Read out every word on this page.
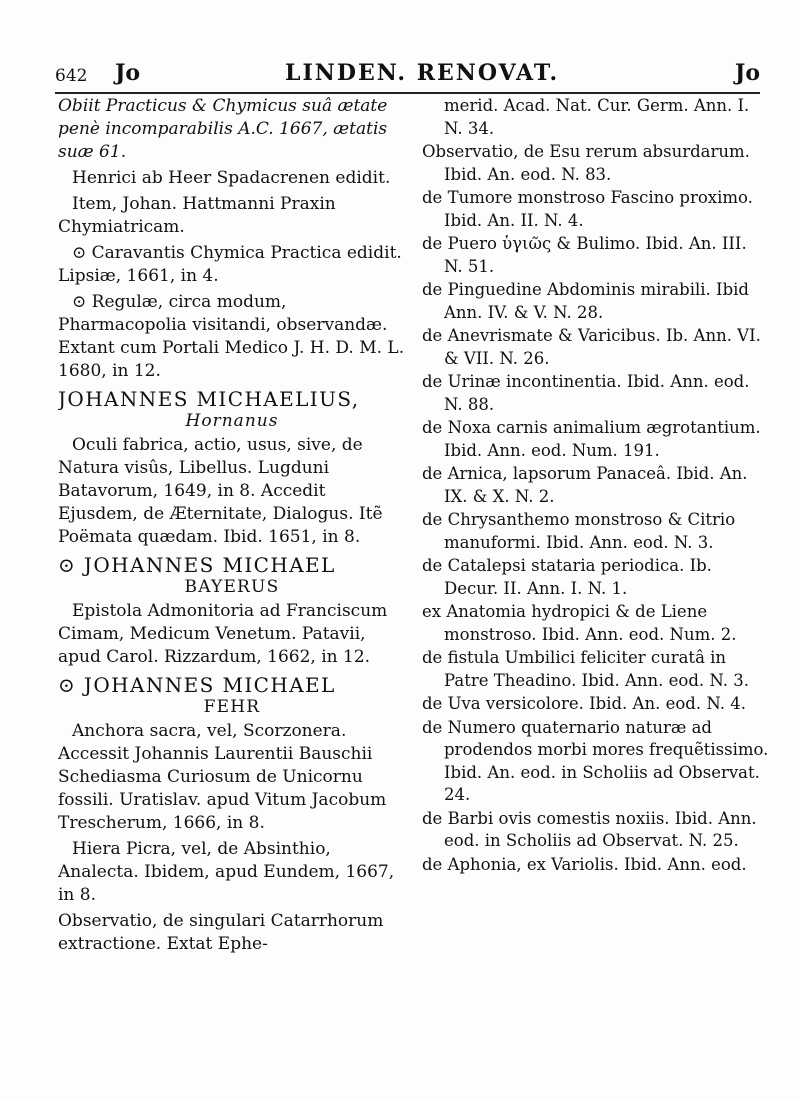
642 Jo	LINDEN. RENOVAT.	Jo
Obiit Practicus & Chymicus suâ ætate penè incomparabilis A.C. 1667, ætatis suæ 61.
Henrici ab Heer Spadacrenen edidit.
Item, Johan. Hattmanni Praxin Chymiatricam.
⊙ Caravantis Chymica Practica edidit. Lipsiæ, 1661, in 4.
⊙ Regulæ, circa modum, Pharmacopolia visitandi, observandæ. Extant cum Portali Medico J. H. D. M. L. 1680, in 12.
JOHANNES MICHAELIUS,
Hornanus
Oculi fabrica, actio, usus, sive, de Natura visûs, Libellus. Lugduni Batavorum, 1649, in 8. Accedit Ejusdem, de Æternitate, Dialogus. Itẽ Poëmata quædam. Ibid. 1651, in 8.
⊙ JOHANNES MICHAEL
BAYERUS
Epistola Admonitoria ad Franciscum Cimam, Medicum Venetum. Patavii, apud Carol. Rizzardum, 1662, in 12.
⊙ JOHANNES MICHAEL
FEHR
Anchora sacra, vel, Scorzonera. Accessit Johannis Laurentii Bauschii Schediasma Curiosum de Unicornu fossili. Uratislav. apud Vitum Jacobum Trescherum, 1666, in 8.
Hiera Picra, vel, de Absinthio, Analecta. Ibidem, apud Eundem, 1667, in 8.
Observatio, de singulari Catarrhorum extractione. Extat Ephe-
merid. Acad. Nat. Cur. Germ. Ann. I. N. 34.
Observatio, de Esu rerum absurdarum. Ibid. An. eod. N. 83.
de Tumore monstroso Fascino proximo. Ibid. An. II. N. 4.
de Puero ὑγιῶς & Bulimo. Ibid. An. III. N. 51.
de Pinguedine Abdominis mirabili. Ibid Ann. IV. & V. N. 28.
de Anevrismate & Varicibus. Ib. Ann. VI. & VII. N. 26.
de Urinæ incontinentia. Ibid. Ann. eod. N. 88.
de Noxa carnis animalium ægrotantium. Ibid. Ann. eod. Num. 191.
de Arnica, lapsorum Panaceâ. Ibid. An. IX. & X. N. 2.
de Chrysanthemo monstroso & Citrio manuformi. Ibid. Ann. eod. N. 3.
de Catalepsi stataria periodica. Ib. Decur. II. Ann. I. N. 1.
ex Anatomia hydropici & de Liene monstroso. Ibid. Ann. eod. Num. 2.
de fistula Umbilici feliciter curatâ in Patre Theadino. Ibid. Ann. eod. N. 3.
de Uva versicolore. Ibid. An. eod. N. 4.
de Numero quaternario naturæ ad prodendos morbi mores frequẽtissimo. Ibid. An. eod. in Scholiis ad Observat. 24.
de Barbi ovis comestis noxiis. Ibid. Ann. eod. in Scholiis ad Observat. N. 25.
de Aphonia, ex Variolis. Ibid. Ann. eod.
